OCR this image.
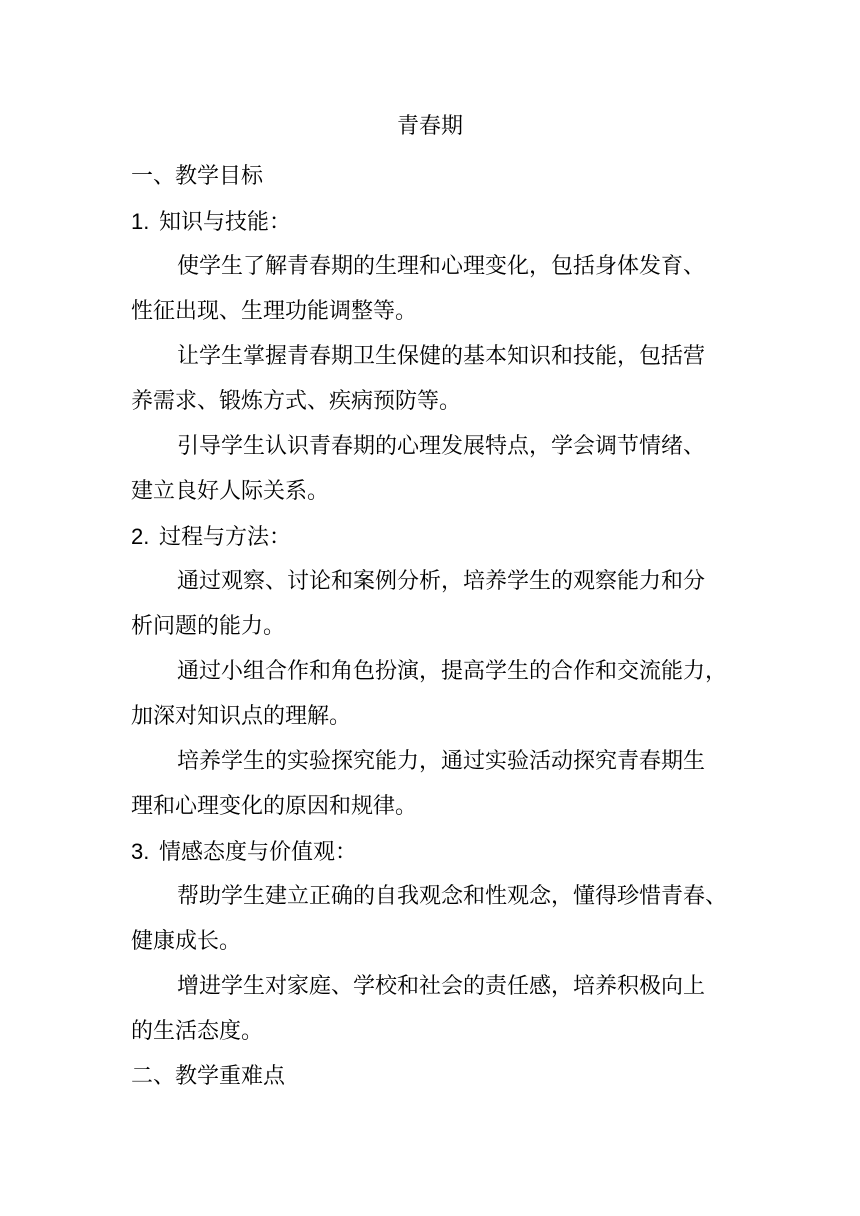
青春期

一、教学目标

1. 知识与技能：

使学生了解青春期的生理和心理变化，包括身体发育、

性征出现、生理功能调整等。

让学生掌握青春期卫生保健的基本知识和技能，包括营

养需求、锻炼方式、疾病预防等。

引导学生认识青春期的心理发展特点，学会调节情绪、

建立良好人际关系。

2. 过程与方法：

通过观察、讨论和案例分析，培养学生的观察能力和分

析问题的能力。

通过小组合作和角色扮演，提高学生的合作和交流能力，

加深对知识点的理解。

培养学生的实验探究能力，通过实验活动探究青春期生

理和心理变化的原因和规律。

3. 情感态度与价值观：

帮助学生建立正确的自我观念和性观念，懂得珍惜青春、

健康成长。

增进学生对家庭、学校和社会的责任感，培养积极向上

的生活态度。

二、教学重难点
